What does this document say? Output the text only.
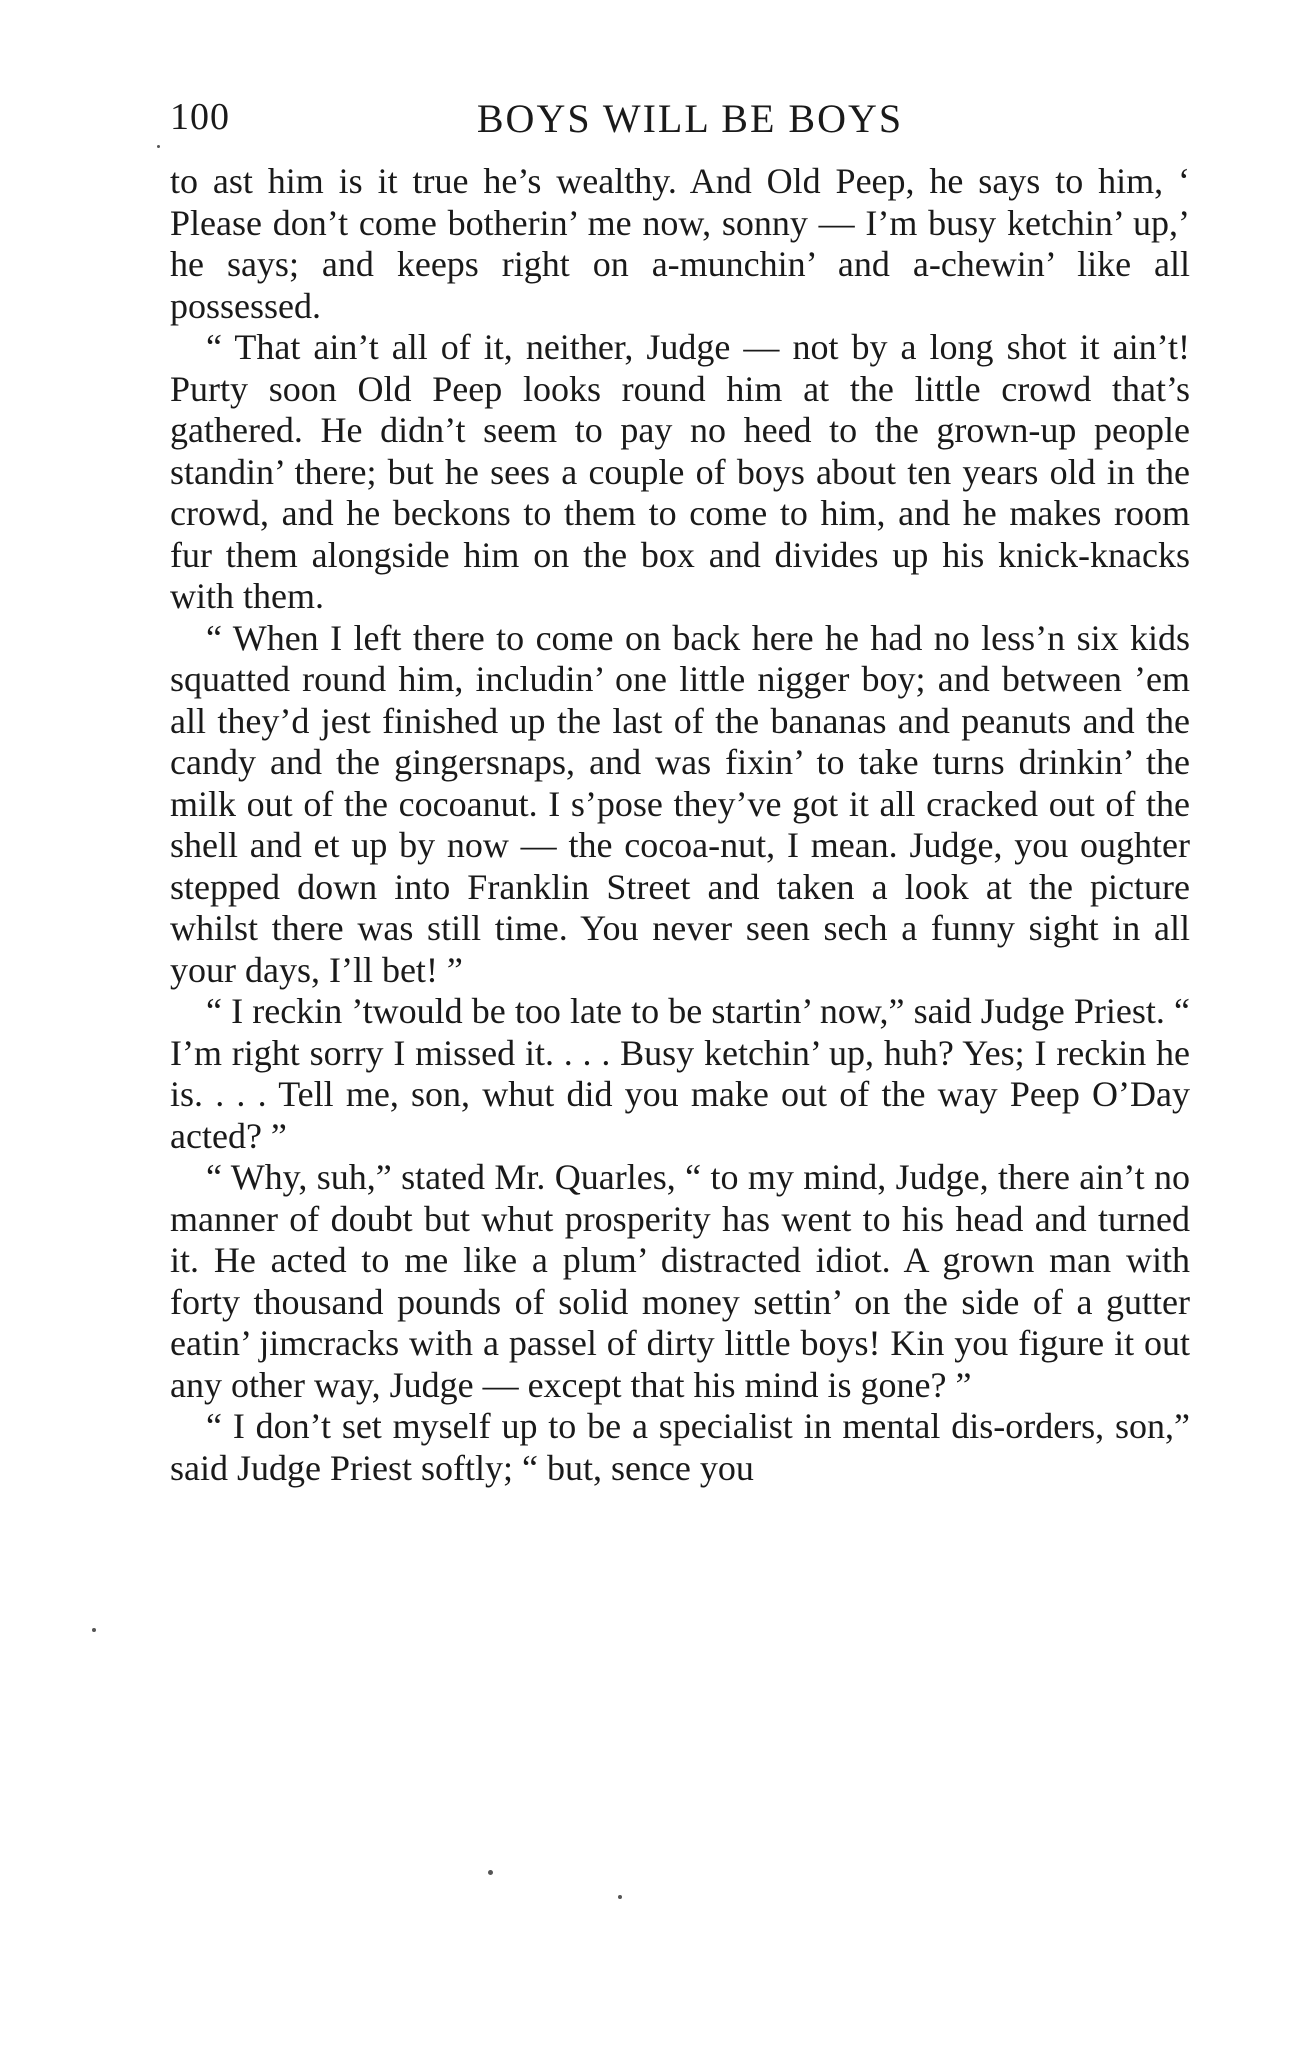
100	BOYS WILL BE BOYS

to ast him is it true he’s wealthy. And Old Peep, he says to him, ‘ Please don’t come botherin’ me now, sonny — I’m busy ketchin’ up,’ he says; and keeps right on a-munchin’ and a-chewin’ like all possessed.

“ That ain’t all of it, neither, Judge — not by a long shot it ain’t! Purty soon Old Peep looks round him at the little crowd that’s gathered. He didn’t seem to pay no heed to the grown-up people standin’ there; but he sees a couple of boys about ten years old in the crowd, and he beckons to them to come to him, and he makes room fur them alongside him on the box and divides up his knick-knacks with them.

“ When I left there to come on back here he had no less’n six kids squatted round him, includin’ one little nigger boy; and between ’em all they’d jest finished up the last of the bananas and peanuts and the candy and the gingersnaps, and was fixin’ to take turns drinkin’ the milk out of the cocoanut. I s’pose they’ve got it all cracked out of the shell and et up by now — the cocoa-nut, I mean. Judge, you oughter stepped down into Franklin Street and taken a look at the picture whilst there was still time. You never seen sech a funny sight in all your days, I’ll bet! ”

“ I reckin ’twould be too late to be startin’ now,” said Judge Priest. “ I’m right sorry I missed it. . . . Busy ketchin’ up, huh? Yes; I reckin he is. . . . Tell me, son, whut did you make out of the way Peep O’Day acted? ”

“ Why, suh,” stated Mr. Quarles, “ to my mind, Judge, there ain’t no manner of doubt but whut prosperity has went to his head and turned it. He acted to me like a plum’ distracted idiot. A grown man with forty thousand pounds of solid money settin’ on the side of a gutter eatin’ jimcracks with a passel of dirty little boys! Kin you figure it out any other way, Judge — except that his mind is gone? ”

“ I don’t set myself up to be a specialist in mental dis-orders, son,” said Judge Priest softly; “ but, sence you
